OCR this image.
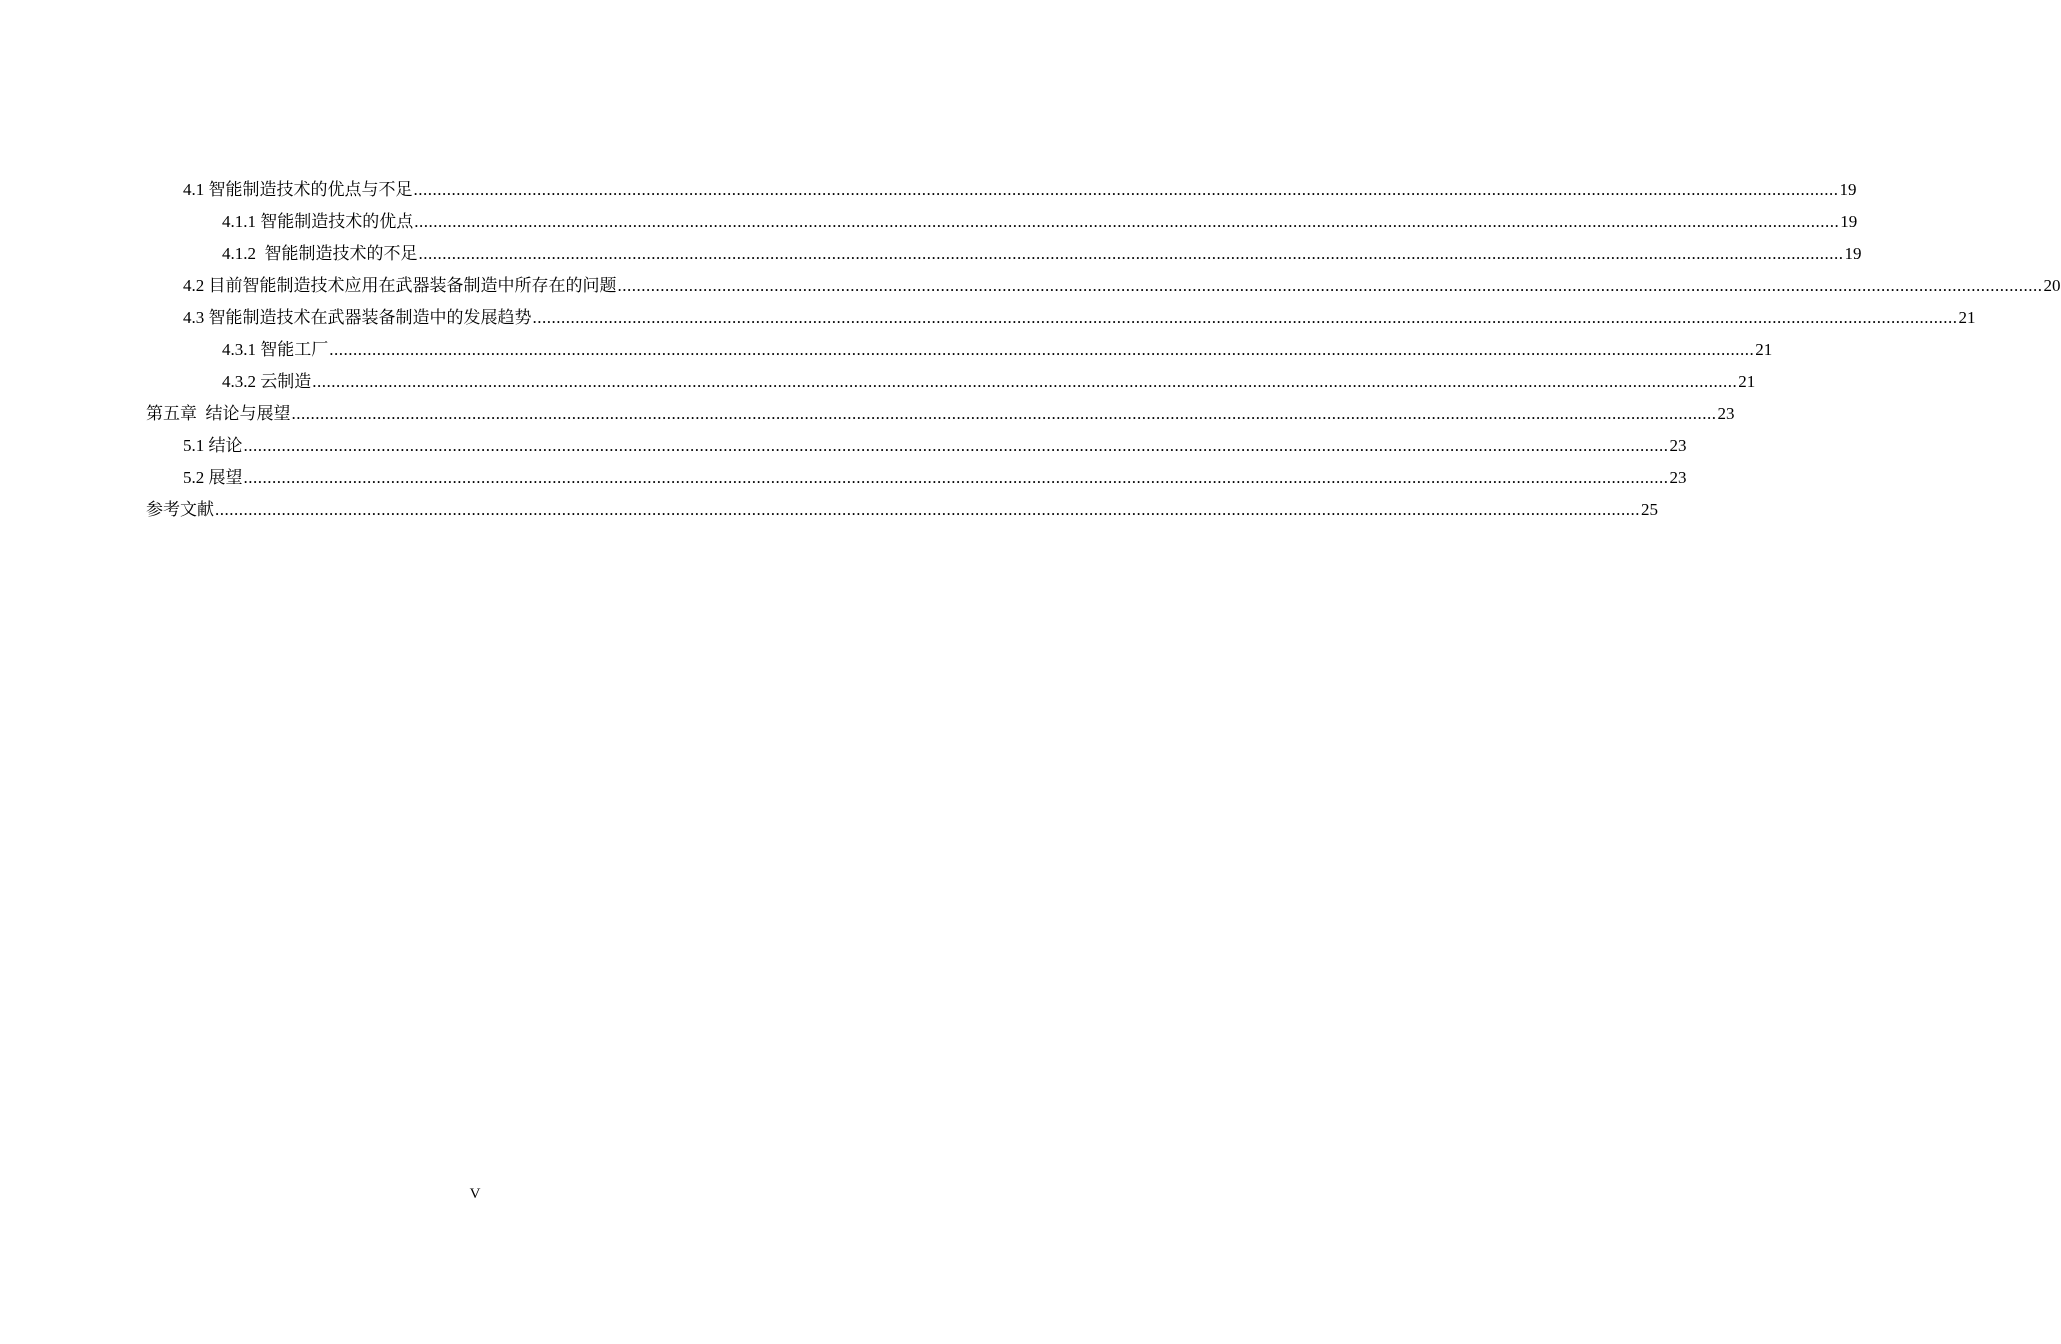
4.1 智能制造技术的优点与不足 ............................................................................................................................................................................................................................................................................................................ 19
4.1.1 智能制造技术的优点 ............................................................................................................................................................................................................................................................................................................ 19
4.1.2  智能制造技术的不足 ............................................................................................................................................................................................................................................................................................................ 19
4.2 目前智能制造技术应用在武器装备制造中所存在的问题 ............................................................................................................................................................................................................................................................................................................ 20
4.3 智能制造技术在武器装备制造中的发展趋势 ............................................................................................................................................................................................................................................................................................................ 21
4.3.1 智能工厂 ............................................................................................................................................................................................................................................................................................................ 21
4.3.2 云制造 ............................................................................................................................................................................................................................................................................................................ 21
第五章  结论与展望 ............................................................................................................................................................................................................................................................................................................ 23
5.1 结论 ............................................................................................................................................................................................................................................................................................................ 23
5.2 展望 ............................................................................................................................................................................................................................................................................................................ 23
参考文献 ............................................................................................................................................................................................................................................................................................................ 25
V
